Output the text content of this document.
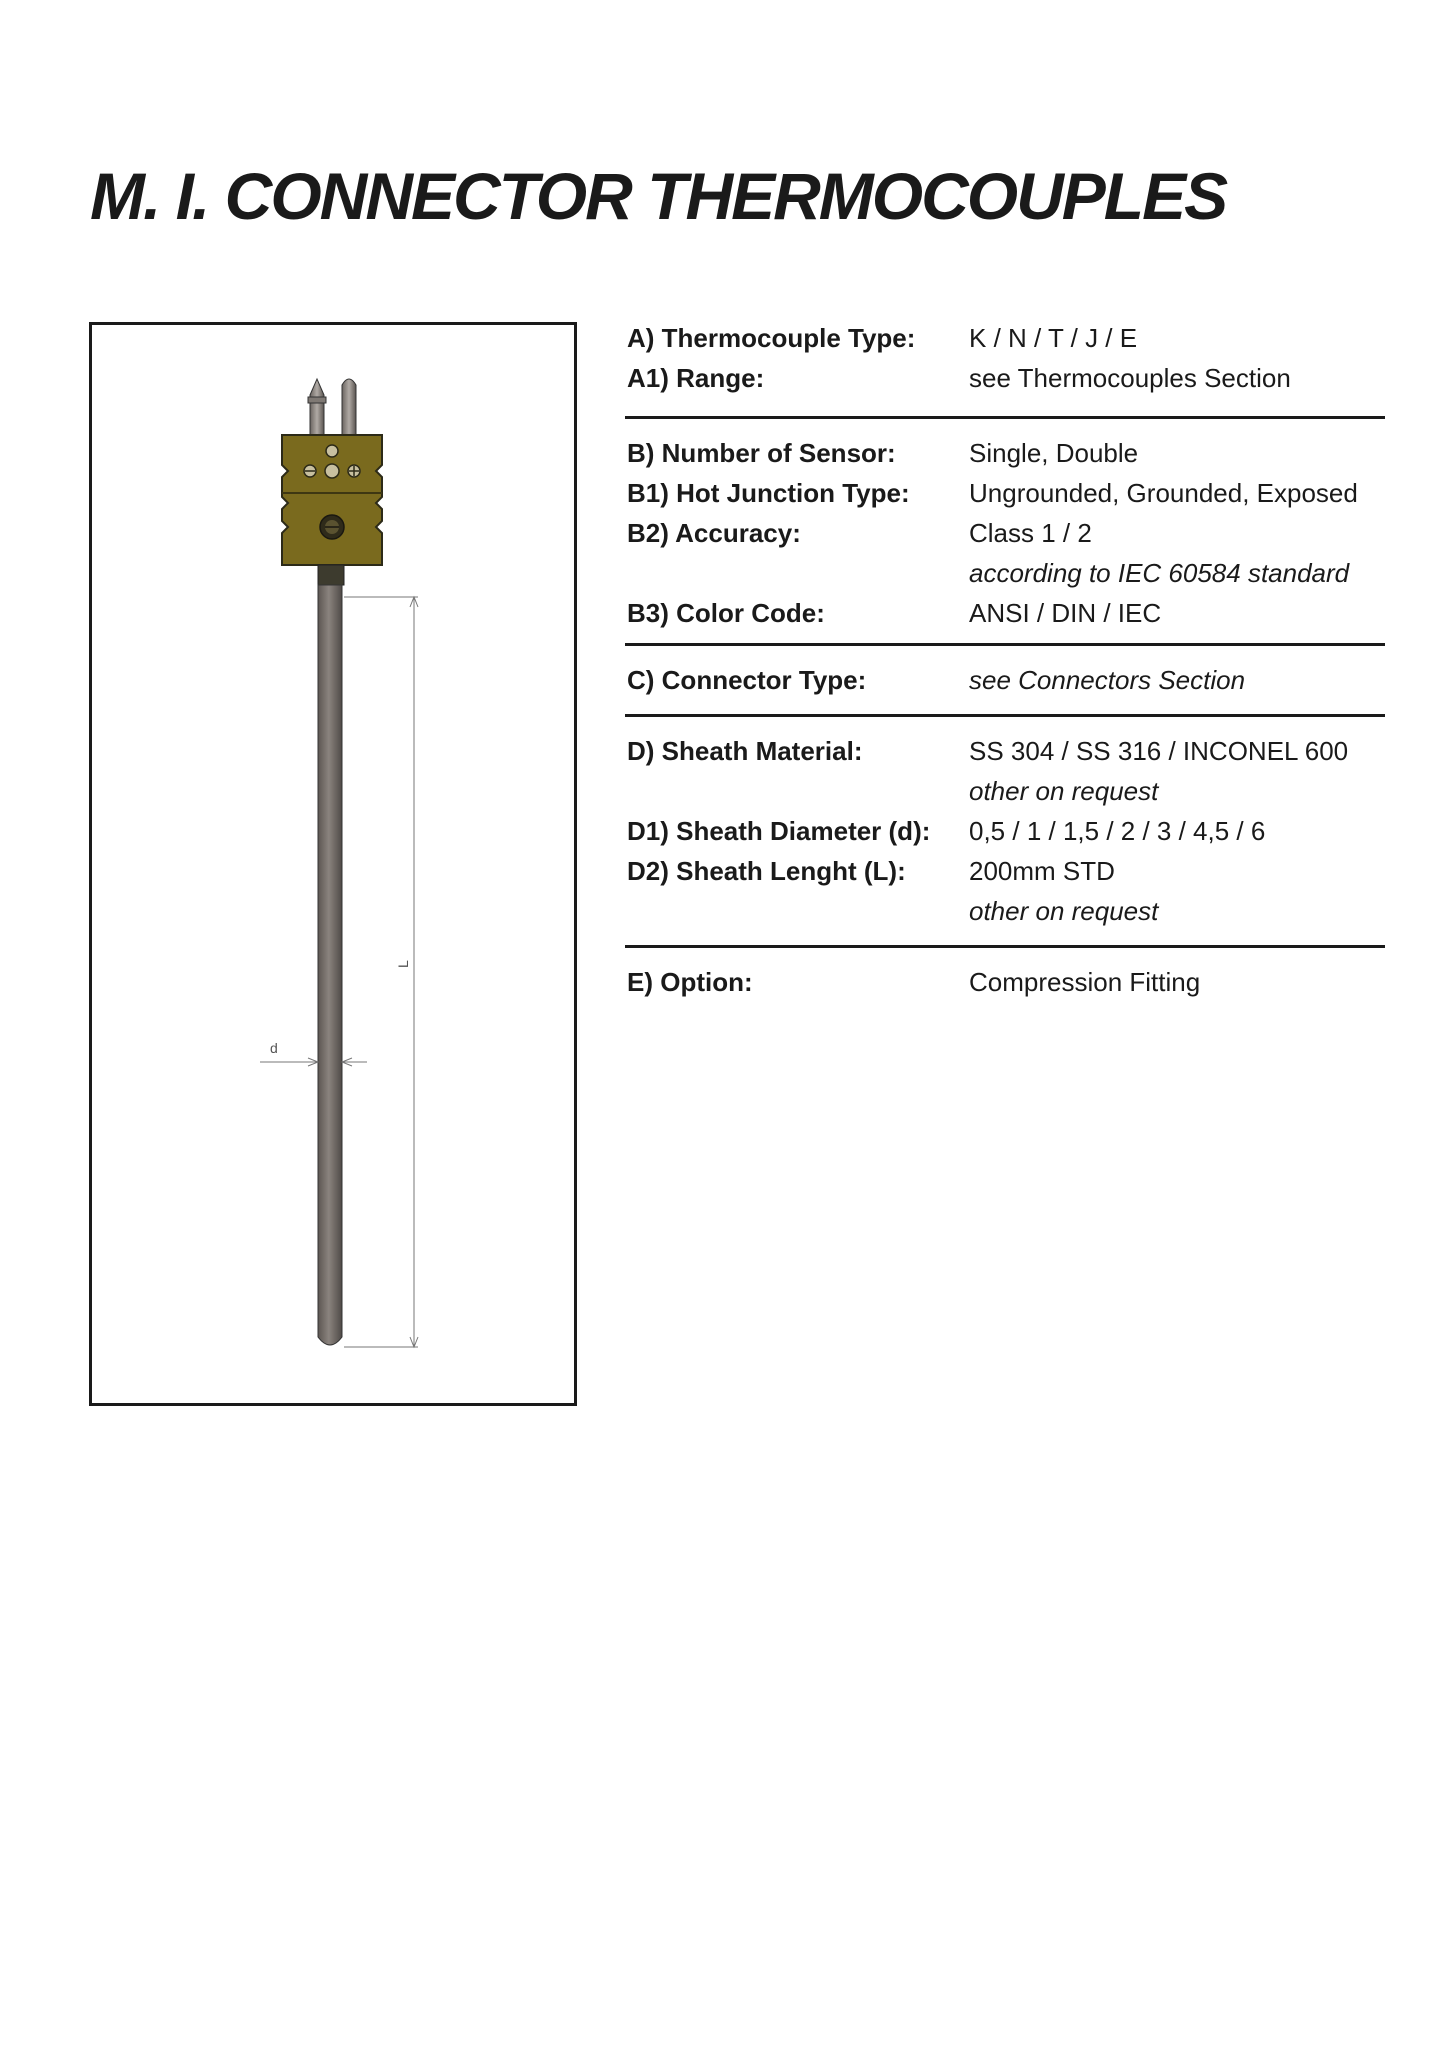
M. I. CONNECTOR THERMOCOUPLES
L
d
A) Thermocouple Type:	K / N / T / J / E
A1) Range:	see Thermocouples Section
B) Number of Sensor:	Single, Double
B1) Hot Junction Type:	Ungrounded, Grounded, Exposed
B2) Accuracy:	Class 1 / 2
according to IEC 60584 standard
B3) Color Code:	ANSI / DIN / IEC
C) Connector Type:	see Connectors Section
D) Sheath Material:	SS 304 / SS 316 / INCONEL 600
other on request
D1) Sheath Diameter (d):	0,5 / 1 / 1,5 / 2 / 3 / 4,5 / 6
D2) Sheath Lenght (L):	200mm STD
other on request
E) Option:	Compression Fitting
